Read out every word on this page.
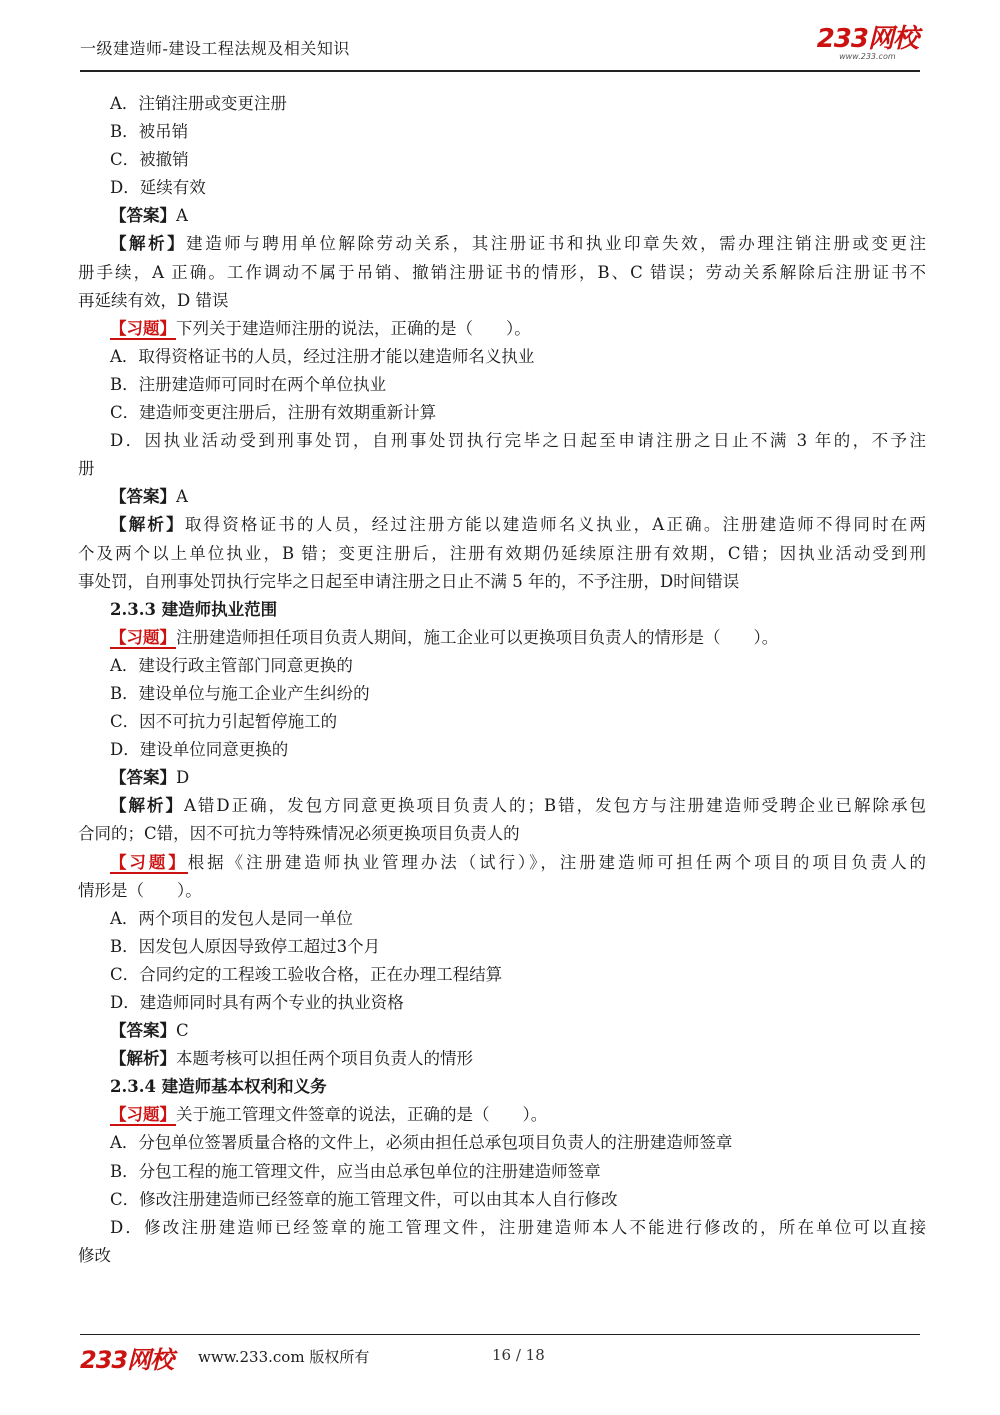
一级建造师-建设工程法规及相关知识	233网校
www.233.com
A．注销注册或变更注册
B．被吊销
C．被撤销
D．延续有效
【答案】A
【解析】建造师与聘用单位解除劳动关系，其注册证书和执业印章失效，需办理注销注册或变更注
册手续，A 正确。工作调动不属于吊销、撤销注册证书的情形，B、C 错误；劳动关系解除后注册证书不
再延续有效，D 错误
【习题】下列关于建造师注册的说法，正确的是（　　）。
A．取得资格证书的人员，经过注册才能以建造师名义执业
B．注册建造师可同时在两个单位执业
C．建造师变更注册后，注册有效期重新计算
D．因执业活动受到刑事处罚，自刑事处罚执行完毕之日起至申请注册之日止不满 3 年的，不予注
册
【答案】A
【解析】取得资格证书的人员，经过注册方能以建造师名义执业，A正确。注册建造师不得同时在两
个及两个以上单位执业，B 错；变更注册后，注册有效期仍延续原注册有效期，C错；因执业活动受到刑
事处罚，自刑事处罚执行完毕之日起至申请注册之日止不满 5 年的，不予注册，D时间错误
2.3.3 建造师执业范围
【习题】注册建造师担任项目负责人期间，施工企业可以更换项目负责人的情形是（　　）。
A．建设行政主管部门同意更换的
B．建设单位与施工企业产生纠纷的
C．因不可抗力引起暂停施工的
D．建设单位同意更换的
【答案】D
【解析】A错D正确，发包方同意更换项目负责人的；B错，发包方与注册建造师受聘企业已解除承包
合同的；C错，因不可抗力等特殊情况必须更换项目负责人的
【习题】根据《注册建造师执业管理办法（试行）》，注册建造师可担任两个项目的项目负责人的
情形是（　　）。
A．两个项目的发包人是同一单位
B．因发包人原因导致停工超过3个月
C．合同约定的工程竣工验收合格，正在办理工程结算
D．建造师同时具有两个专业的执业资格
【答案】C
【解析】本题考核可以担任两个项目负责人的情形
2.3.4 建造师基本权利和义务
【习题】关于施工管理文件签章的说法，正确的是（　　）。
A．分包单位签署质量合格的文件上，必须由担任总承包项目负责人的注册建造师签章
B．分包工程的施工管理文件，应当由总承包单位的注册建造师签章
C．修改注册建造师已经签章的施工管理文件，可以由其本人自行修改
D．修改注册建造师已经签章的施工管理文件，注册建造师本人不能进行修改的，所在单位可以直接
修改
233网校 www.233.com 版权所有	16 / 18
